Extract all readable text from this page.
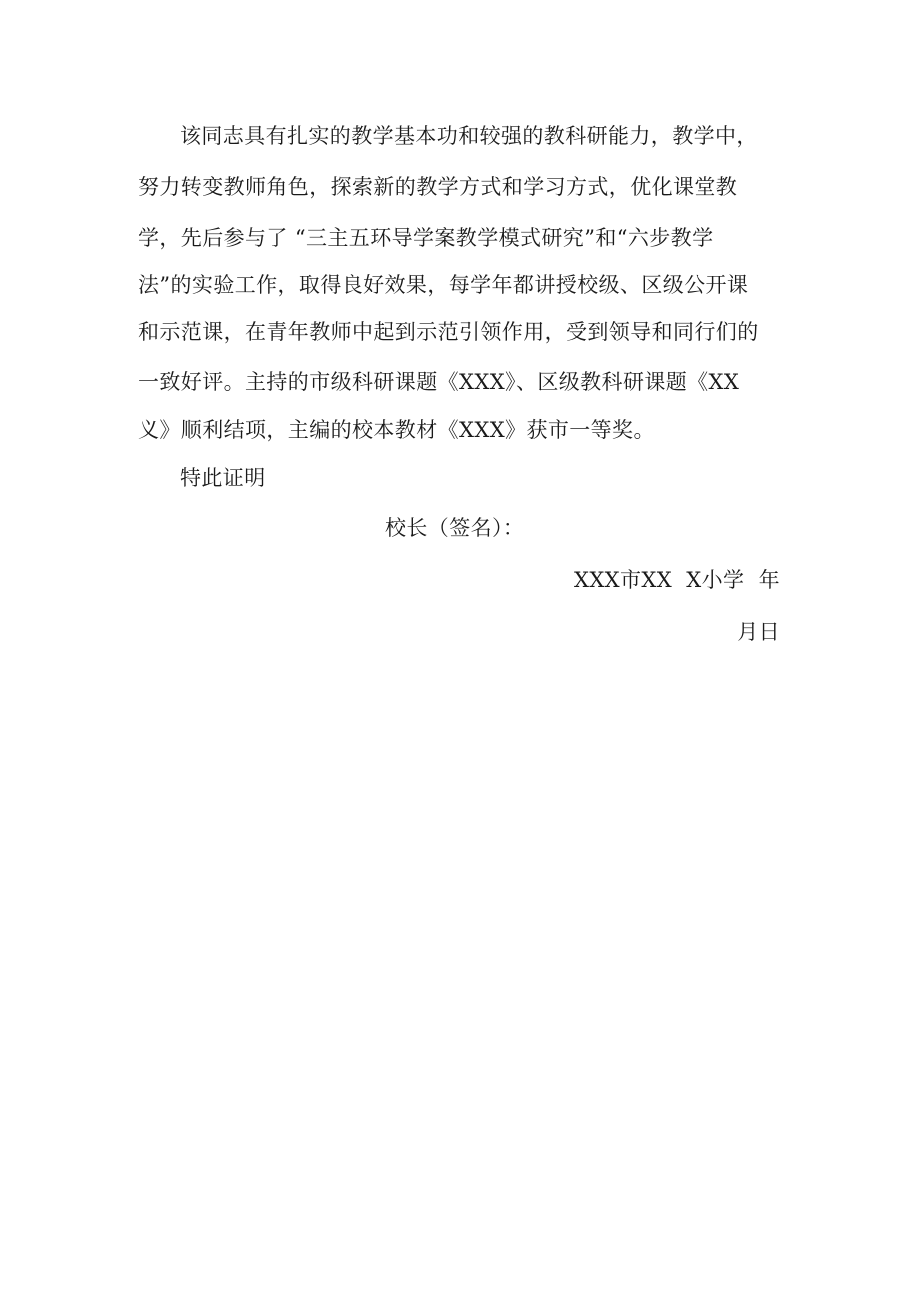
该同志具有扎实的教学基本功和较强的教科研能力，教学中，
努力转变教师角色，探索新的教学方式和学习方式，优化课堂教
学，先后参与了 “三主五环导学案教学模式研究”和“六步教学
法”的实验工作，取得良好效果，每学年都讲授校级、区级公开课
和示范课，在青年教师中起到示范引领作用，受到领导和同行们的
一致好评。主持的市级科研课题《XXX》、区级教科研课题《XX
义》顺利结项，主编的校本教材《XXX》获市一等奖。
特此证明
校长（签名）：
XXX市XX  X小学  年
月日
